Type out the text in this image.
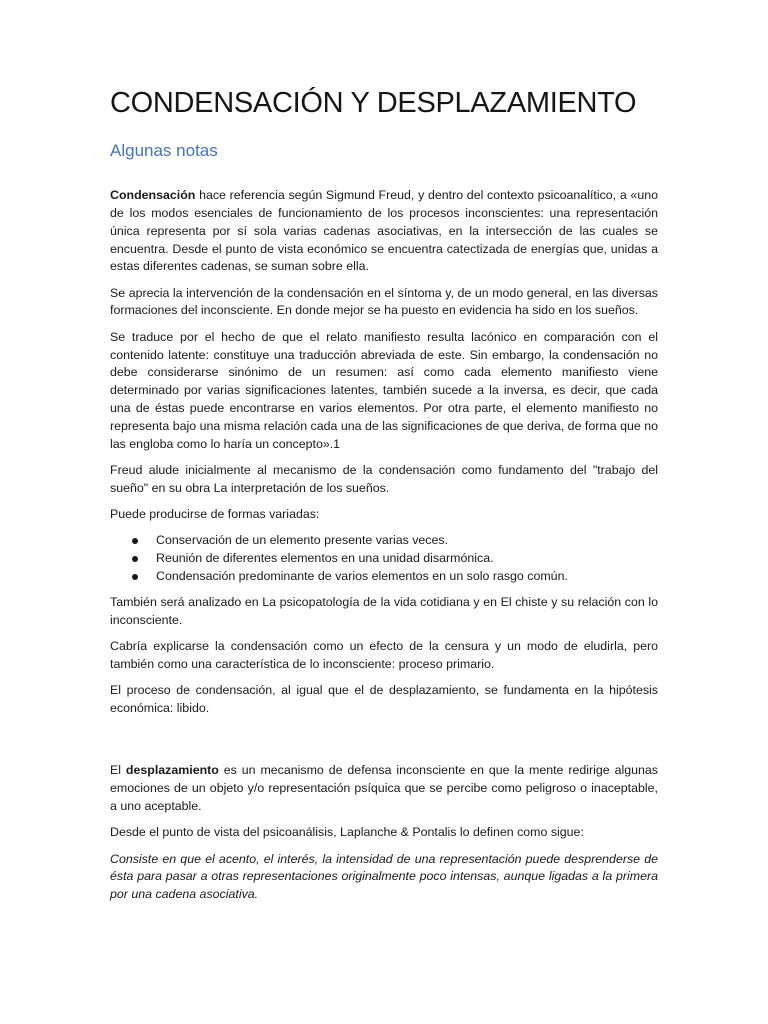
CONDENSACIÓN Y DESPLAZAMIENTO
Algunas notas

Condensación hace referencia según Sigmund Freud, y dentro del contexto psicoanalítico, a «uno de los modos esenciales de funcionamiento de los procesos inconscientes: una representación única representa por sí sola varias cadenas asociativas, en la intersección de las cuales se encuentra. Desde el punto de vista económico se encuentra catectizada de energías que, unidas a estas diferentes cadenas, se suman sobre ella.

Se aprecia la intervención de la condensación en el síntoma y, de un modo general, en las diversas formaciones del inconsciente. En donde mejor se ha puesto en evidencia ha sido en los sueños.

Se traduce por el hecho de que el relato manifiesto resulta lacónico en comparación con el contenido latente: constituye una traducción abreviada de este. Sin embargo, la condensación no debe considerarse sinónimo de un resumen: así como cada elemento manifiesto viene determinado por varias significaciones latentes, también sucede a la inversa, es decir, que cada una de éstas puede encontrarse en varios elementos. Por otra parte, el elemento manifiesto no representa bajo una misma relación cada una de las significaciones de que deriva, de forma que no las engloba como lo haría un concepto».1

Freud alude inicialmente al mecanismo de la condensación como fundamento del "trabajo del sueño" en su obra La interpretación de los sueños.

Puede producirse de formas variadas:

Conservación de un elemento presente varias veces.
Reunión de diferentes elementos en una unidad disarmónica.
Condensación predominante de varios elementos en un solo rasgo común.

También será analizado en La psicopatología de la vida cotidiana y en El chiste y su relación con lo inconsciente.

Cabría explicarse la condensación como un efecto de la censura y un modo de eludirla, pero también como una característica de lo inconsciente: proceso primario.

El proceso de condensación, al igual que el de desplazamiento, se fundamenta en la hipótesis económica: libido.

El desplazamiento es un mecanismo de defensa inconsciente en que la mente redirige algunas emociones de un objeto y/o representación psíquica que se percibe como peligroso o inaceptable, a uno aceptable.

Desde el punto de vista del psicoanálisis, Laplanche & Pontalis lo definen como sigue:

Consiste en que el acento, el interés, la intensidad de una representación puede desprenderse de ésta para pasar a otras representaciones originalmente poco intensas, aunque ligadas a la primera por una cadena asociativa.
